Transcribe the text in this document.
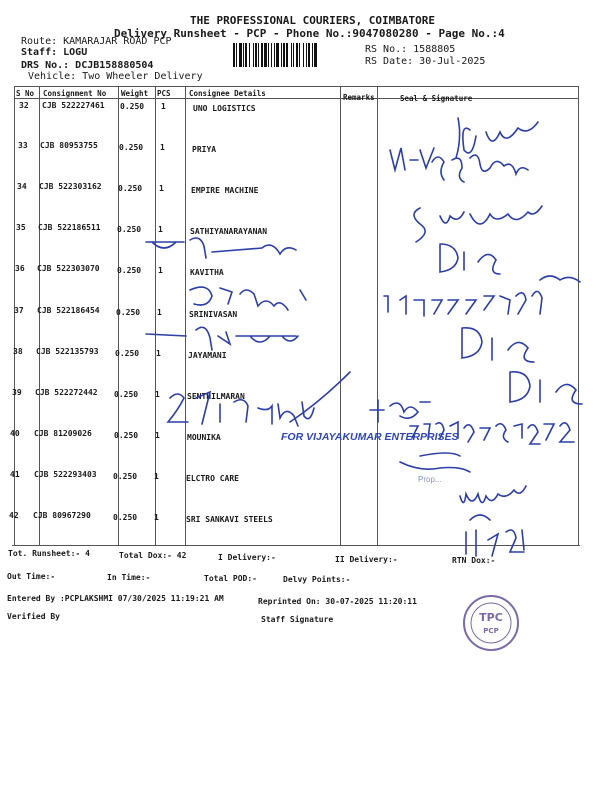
THE PROFESSIONAL COURIERS, COIMBATORE
Delivery Runsheet - PCP - Phone No.:9047080280 - Page No.:4
Route: KAMARAJAR ROAD PCP
Staff: LOGU
DRS No.: DCJB158880504
Vehicle: Two Wheeler Delivery
RS No.: 1588805
RS Date: 30-Jul-2025
S No Consignment No Weight PCS Consignee Details	Remarks	Seal & Signature
32 CJB 522227461 0.250 1	UNO LOGISTICS
33 CJB 80953755	0.250 1	PRIYA
34 CJB 522303162 0.250 1	EMPIRE MACHINE
35 CJB 522186511 0.250 1	SATHIYANARAYANAN
36 CJB 522303070 0.250 1	KAVITHA
37 CJB 522186454 0.250 1	SRINIVASAN
38 CJB 522135793 0.250 1	JAYAMANI
39 CJB 522272442 0.250 1	SENTHILMARAN
40 CJB 81209026	0.250 1	MOUNIKA
41 CJB 522293403 0.250 1	ELCTRO CARE
42 CJB 80967290	0.250 1	SRI SANKAVI STEELS
FOR VIJAYAKUMAR ENTERPRISES
Prop...
Tot. Runsheet:- 4	Total Dox:- 42	I Delivery:-	II Delivery:-	RTN Dox:-
Out Time:-	In Time:-	Total POD:-	Delvy Points:-
Entered By :PCPLAKSHMI 07/30/2025 11:19:21 AM	Reprinted On: 30-07-2025 11:20:11
Verified By	Staff Signature	TPC
PCP
